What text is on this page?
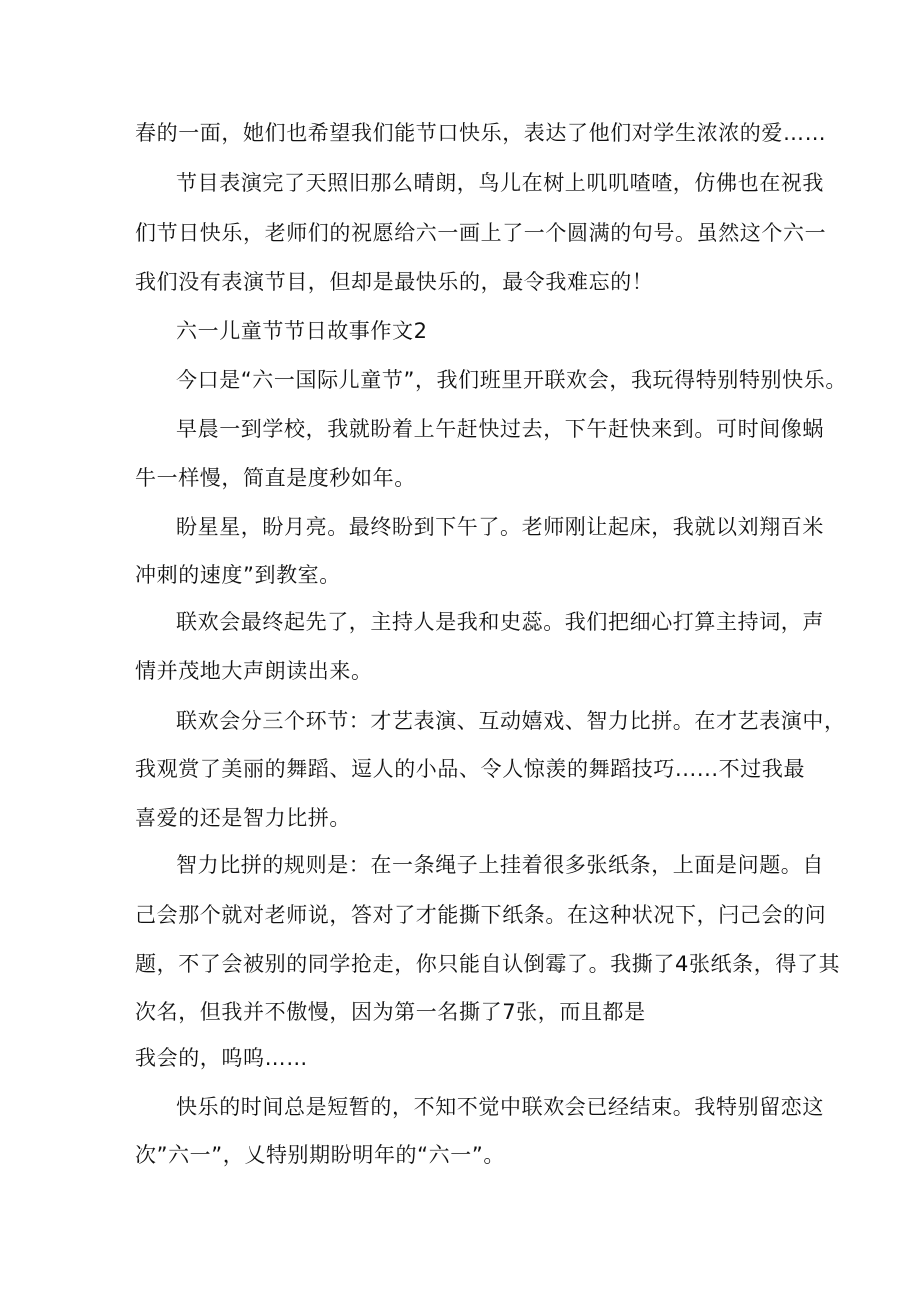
春的一面，她们也希望我们能节口快乐，表达了他们对学生浓浓的爱……
节目表演完了天照旧那么晴朗，鸟儿在树上叽叽喳喳，仿佛也在祝我
们节日快乐，老师们的祝愿给六一画上了一个圆满的句号。虽然这个六一
我们没有表演节目，但却是最快乐的，最令我难忘的！
六一儿童节节日故事作文2
今口是“六一国际儿童节”，我们班里开联欢会，我玩得特别特别快乐。
早晨一到学校，我就盼着上午赶快过去，下午赶快来到。可时间像蜗
牛一样慢，简直是度秒如年。
盼星星，盼月亮。最终盼到下午了。老师刚让起床，我就以刘翔百米
冲刺的速度”到教室。
联欢会最终起先了，主持人是我和史蕊。我们把细心打算主持词，声
情并茂地大声朗读出来。
联欢会分三个环节：才艺表演、互动嬉戏、智力比拼。在才艺表演中，
我观赏了美丽的舞蹈、逗人的小品、令人惊羡的舞蹈技巧......不过我最
喜爱的还是智力比拼。
智力比拼的规则是：在一条绳子上挂着很多张纸条，上面是问题。自
己会那个就对老师说，答对了才能撕下纸条。在这种状况下，闩己会的问
题，不了会被别的同学抢走，你只能自认倒霉了。我撕了4张纸条，得了其
次名，但我并不傲慢，因为第一名撕了7张，而且都是
我会的，呜呜……
快乐的时间总是短暂的，不知不觉中联欢会已经结束。我特别留恋这
次”六一”，乂特别期盼明年的“六一”。
